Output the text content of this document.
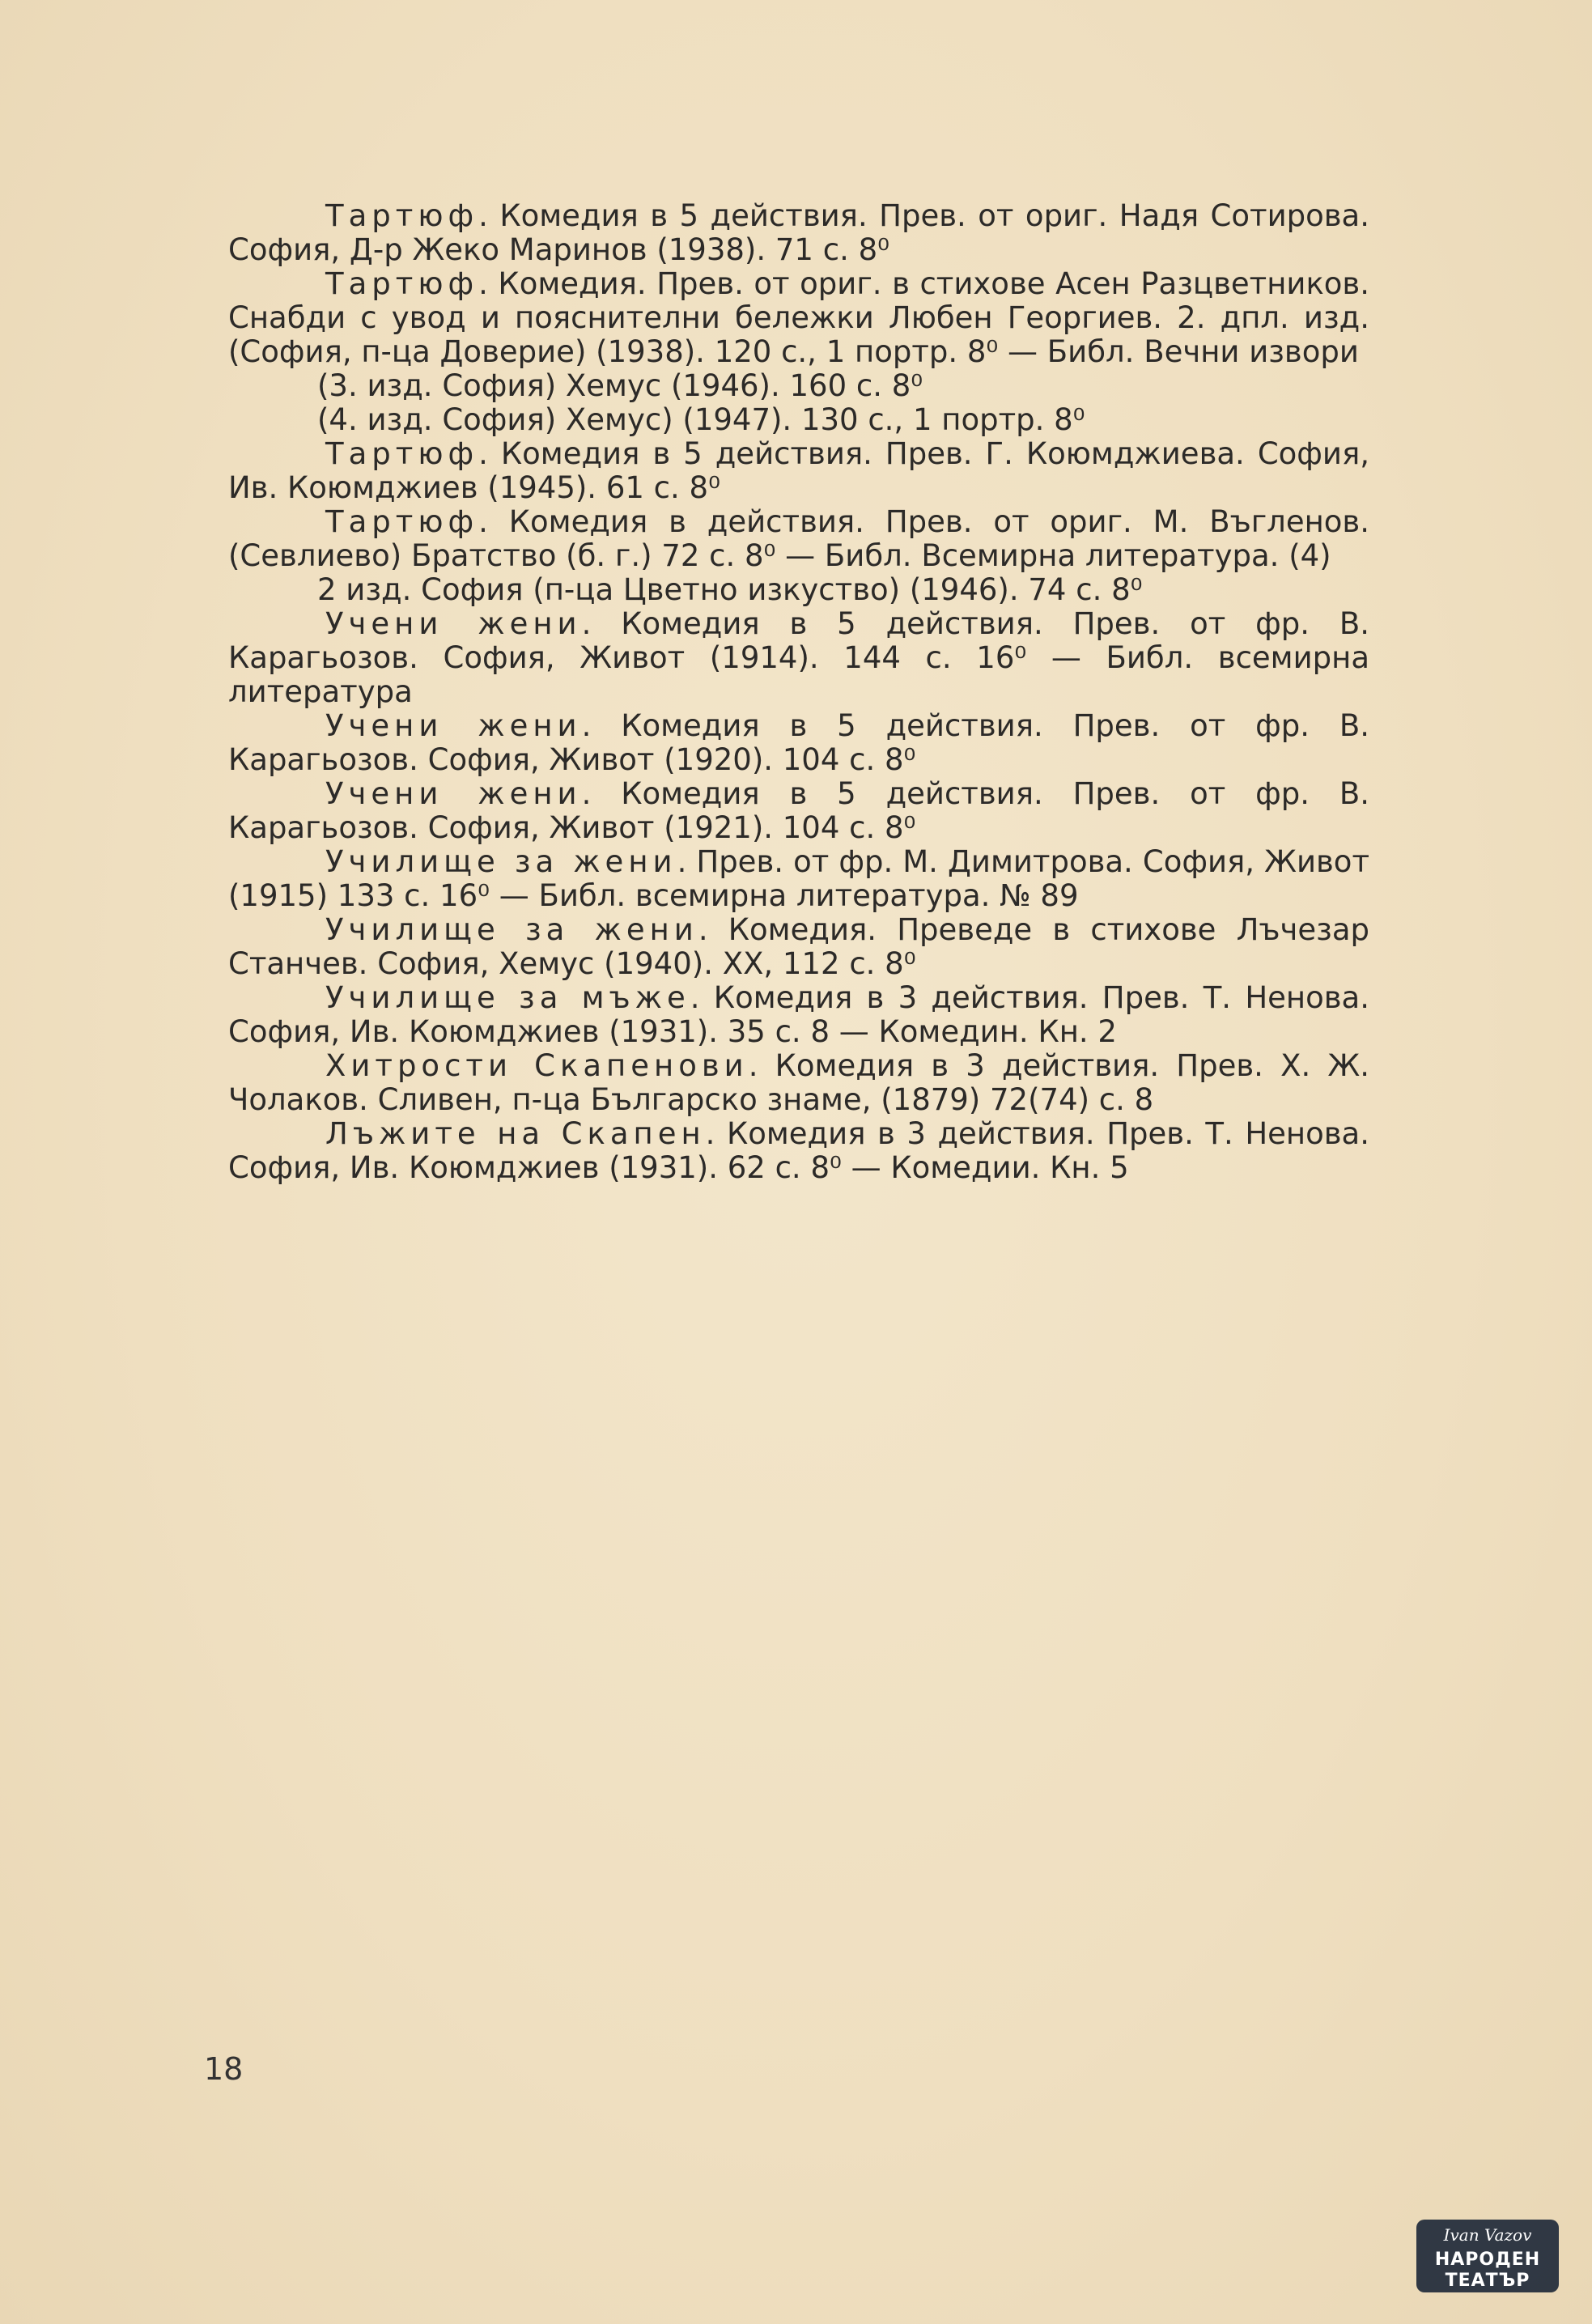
Тартюф. Комедия в 5 действия. Прев. от ориг. Надя Сотирова. София, Д-р Жеко Маринов (1938). 71 с. 8⁰

Тартюф. Комедия. Прев. от ориг. в стихове Асен Разцветников. Снабди с увод и пояснителни бележки Любен Георгиев. 2. дпл. изд. (София, п-ца Доверие) (1938). 120 с., 1 портр. 8⁰ — Библ. Вечни извори

(3. изд. София) Хемус (1946). 160 с. 8⁰

(4. изд. София) Хемус) (1947). 130 с., 1 портр. 8⁰

Тартюф. Комедия в 5 действия. Прев. Г. Коюмджиева. София, Ив. Коюмджиев (1945). 61 с. 8⁰

Тартюф. Комедия в действия. Прев. от ориг. М. Въгленов. (Севлиево) Братство (б. г.) 72 с. 8⁰ — Библ. Всемирна литература. (4)

2 изд. София (п-ца Цветно изкуство) (1946). 74 с. 8⁰

Учени жени. Комедия в 5 действия. Прев. от фр. В. Карагьозов. София, Живот (1914). 144 с. 16⁰ — Библ. всемирна литература

Учени жени. Комедия в 5 действия. Прев. от фр. В. Карагьозов. София, Живот (1920). 104 с. 8⁰

Учени жени. Комедия в 5 действия. Прев. от фр. В. Карагьозов. София, Живот (1921). 104 с. 8⁰

Училище за жени. Прев. от фр. М. Димитрова. София, Живот (1915) 133 с. 16⁰ — Библ. всемирна литература. № 89

Училище за жени. Комедия. Преведе в стихове Лъчезар Станчев. София, Хемус (1940). XX, 112 с. 8⁰

Училище за мъже. Комедия в 3 действия. Прев. Т. Ненова. София, Ив. Коюмджиев (1931). 35 с. 8 — Комедин. Кн. 2

Хитрости Скапенови. Комедия в 3 действия. Прев. Х. Ж. Чолаков. Сливен, п-ца Българско знаме, (1879) 72(74) с. 8

Лъжите на Скапен. Комедия в 3 действия. Прев. Т. Ненова. София, Ив. Коюмджиев (1931). 62 с. 8⁰ — Комедии. Кн. 5

18
Ivan Vazov
НАРОДЕН
ТЕАТЪР
